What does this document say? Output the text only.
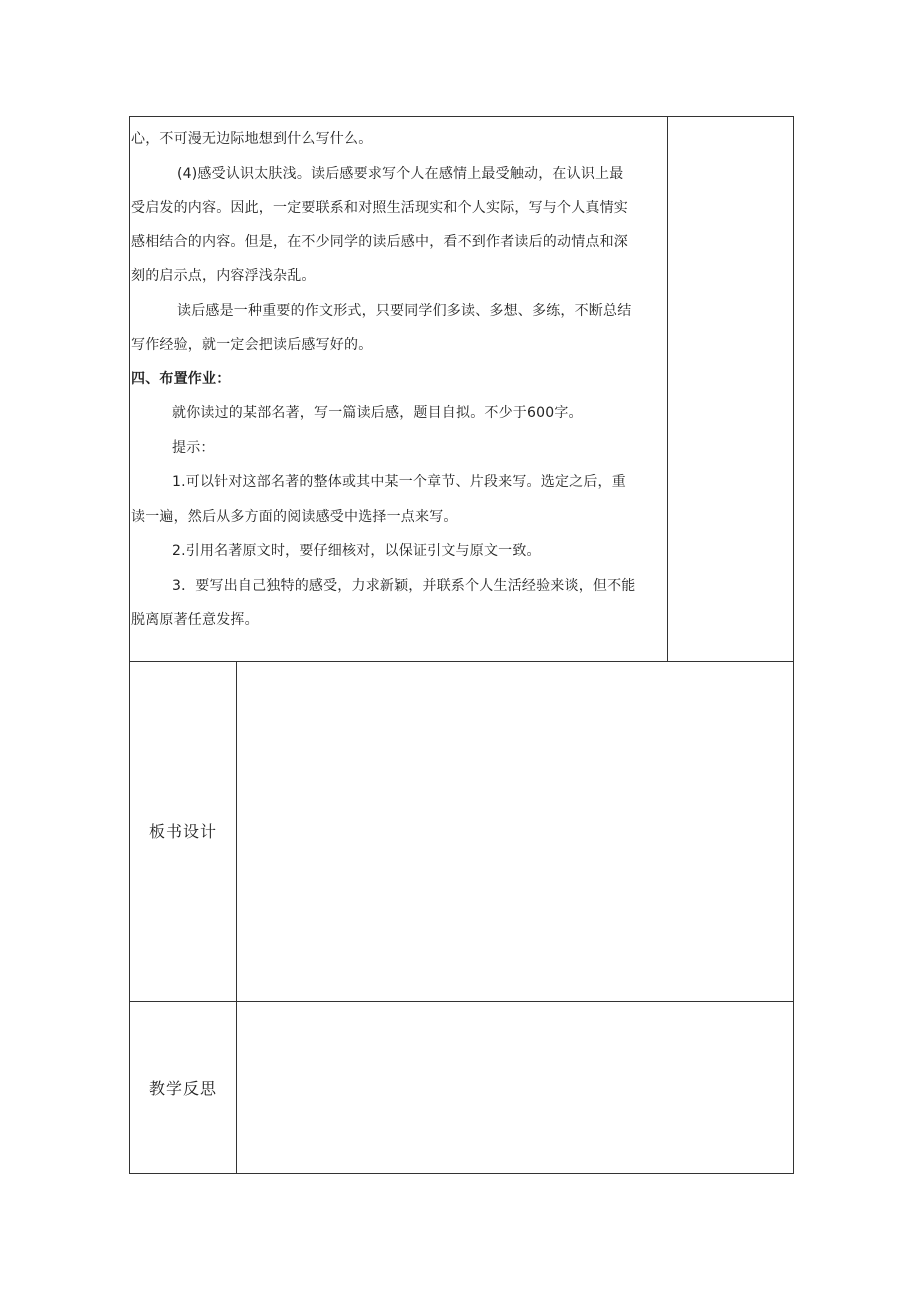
心，不可漫无边际地想到什么写什么。
(4)感受认识太肤浅。读后感要求写个人在感情上最受触动，在认识上最
受启发的内容。因此，一定要联系和对照生活现实和个人实际，写与个人真情实
感相结合的内容。但是，在不少同学的读后感中，看不到作者读后的动情点和深
刻的启示点，内容浮浅杂乱。
读后感是一种重要的作文形式，只要同学们多读、多想、多练，不断总结
写作经验，就一定会把读后感写好的。
四、布置作业：
就你读过的某部名著，写一篇读后感，题目自拟。不少于600字。
提示：
1.可以针对这部名著的整体或其中某一个章节、片段来写。选定之后，重
读一遍，然后从多方面的阅读感受中选择一点来写。
2.引用名著原文时，要仔细核对，以保证引文与原文一致。
3．要写出自己独特的感受，力求新颖，并联系个人生活经验来谈，但不能
脱离原著任意发挥。
板书设计
教学反思
